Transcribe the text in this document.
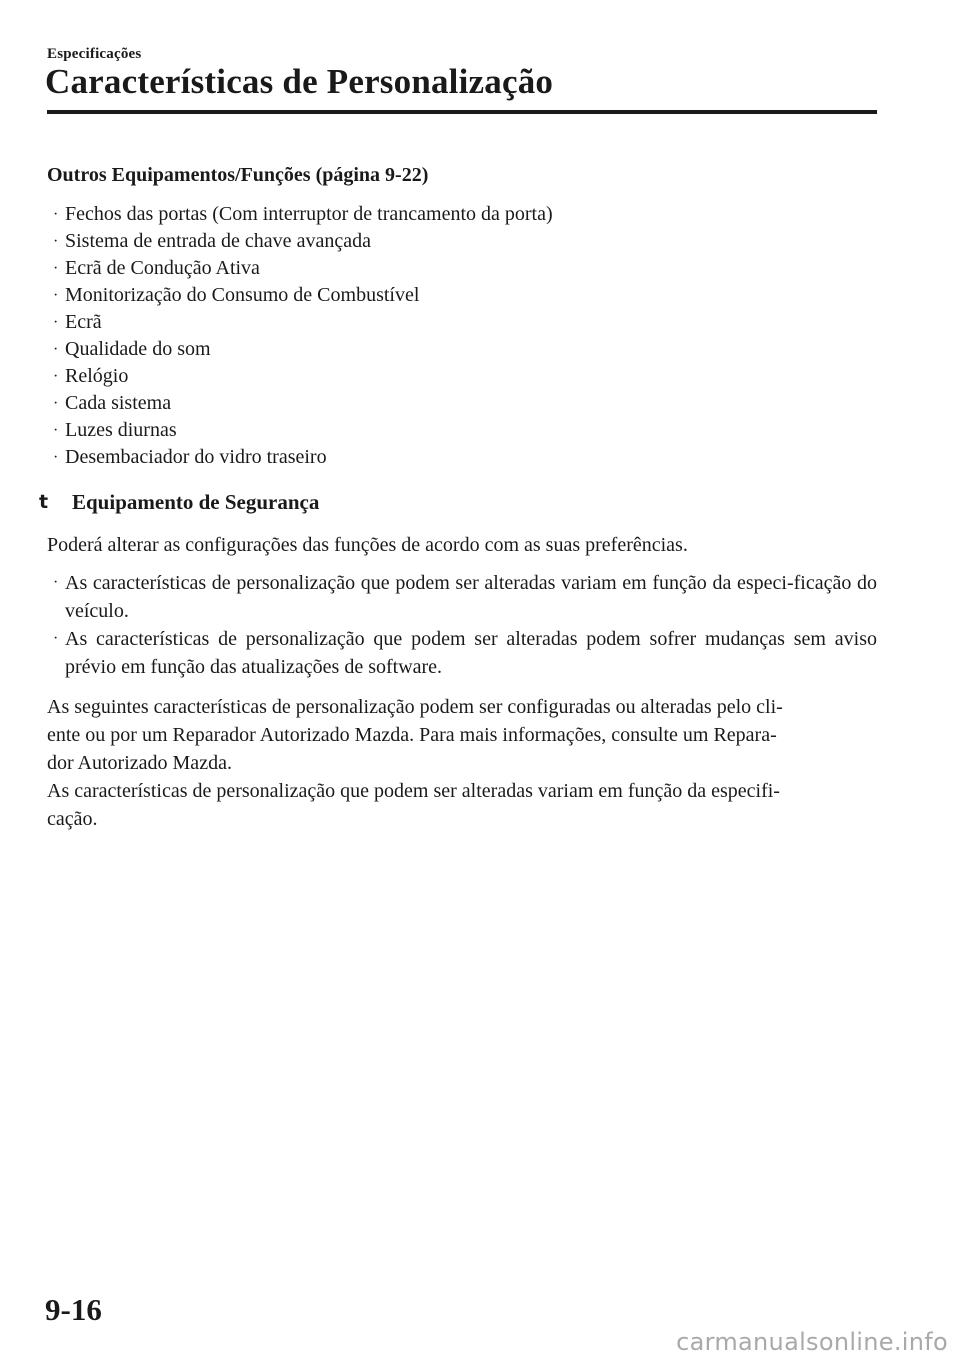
Especificações
Características de Personalização
Outros Equipamentos/Funções (página 9-22)
· Fechos das portas (Com interruptor de trancamento da porta)
· Sistema de entrada de chave avançada
· Ecrã de Condução Ativa
· Monitorização do Consumo de Combustível
· Ecrã
· Qualidade do som
· Relógio
· Cada sistema
· Luzes diurnas
· Desembaciador do vidro traseiro
t	Equipamento de Segurança

Poderá alterar as configurações das funções de acordo com as suas preferências.

· As características de personalização que podem ser alteradas variam em função da especi-ficação do veículo.
· As características de personalização que podem ser alteradas podem sofrer mudanças sem aviso prévio em função das atualizações de software.
As seguintes características de personalização podem ser configuradas ou alteradas pelo cli-
ente ou por um Reparador Autorizado Mazda. Para mais informações, consulte um Repara-
dor Autorizado Mazda.
As características de personalização que podem ser alteradas variam em função da especifi-
cação.
9-16
carmanualsonline.info
